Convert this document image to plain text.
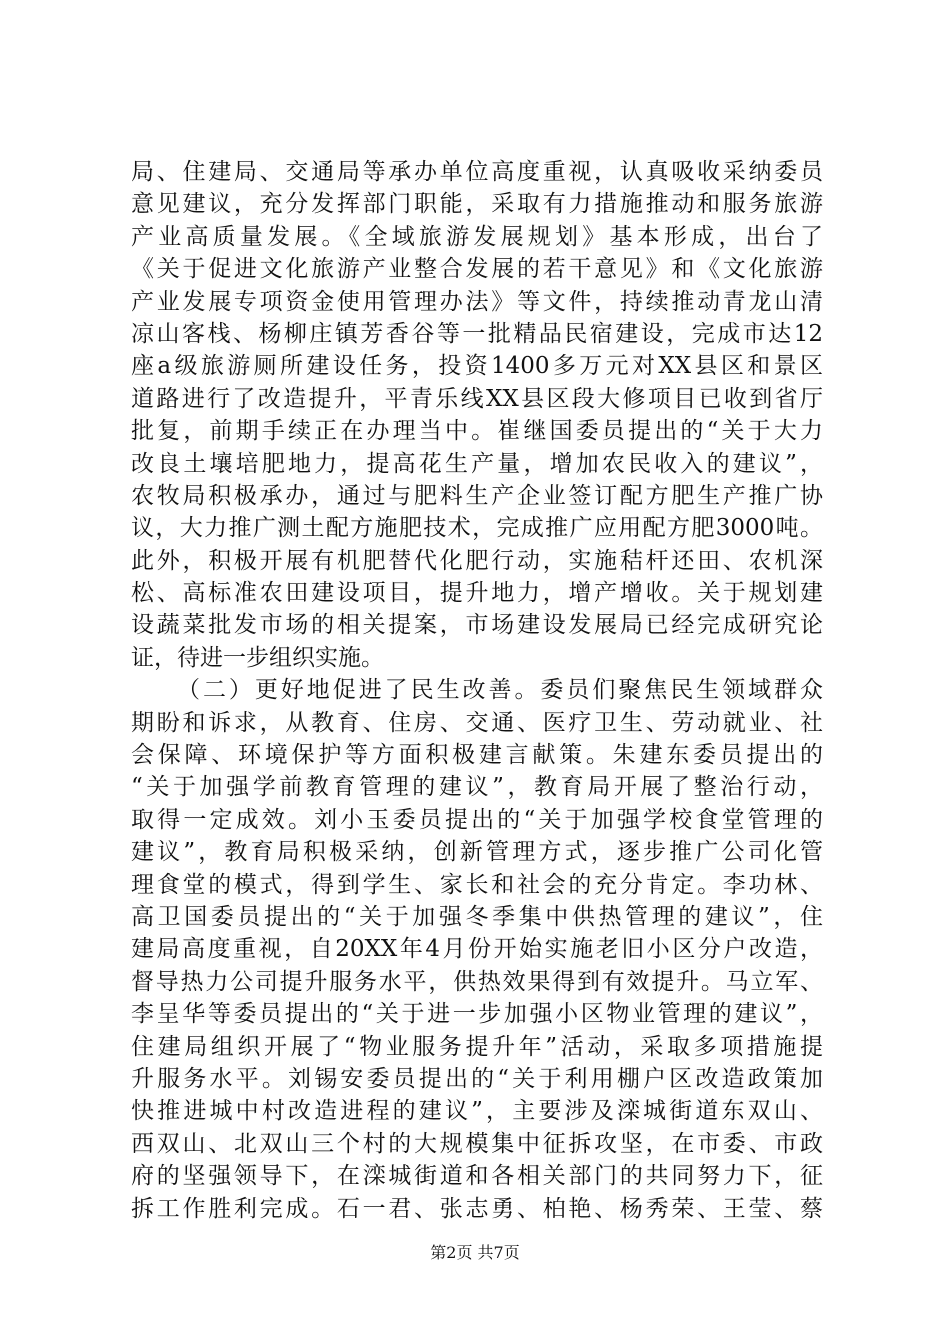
局、住建局、交通局等承办单位高度重视，认真吸收采纳委员
意见建议，充分发挥部门职能，采取有力措施推动和服务旅游
产业高质量发展。《全域旅游发展规划》基本形成，出台了
《关于促进文化旅游产业整合发展的若干意见》和《文化旅游
产业发展专项资金使用管理办法》等文件，持续推动青龙山清
凉山客栈、杨柳庄镇芳香谷等一批精品民宿建设，完成市达12
座a级旅游厕所建设任务，投资1400多万元对XX县区和景区
道路进行了改造提升，平青乐线XX县区段大修项目已收到省厅
批复，前期手续正在办理当中。崔继国委员提出的“关于大力
改良土壤培肥地力，提高花生产量，增加农民收入的建议”，
农牧局积极承办，通过与肥料生产企业签订配方肥生产推广协
议，大力推广测土配方施肥技术，完成推广应用配方肥3000吨。
此外，积极开展有机肥替代化肥行动，实施秸杆还田、农机深
松、高标准农田建设项目，提升地力，增产增收。关于规划建
设蔬菜批发市场的相关提案，市场建设发展局已经完成研究论
证，待进一步组织实施。
（二）更好地促进了民生改善。委员们聚焦民生领域群众
期盼和诉求，从教育、住房、交通、医疗卫生、劳动就业、社
会保障、环境保护等方面积极建言献策。朱建东委员提出的
“关于加强学前教育管理的建议”，教育局开展了整治行动，
取得一定成效。刘小玉委员提出的“关于加强学校食堂管理的
建议”，教育局积极采纳，创新管理方式，逐步推广公司化管
理食堂的模式，得到学生、家长和社会的充分肯定。李功林、
高卫国委员提出的“关于加强冬季集中供热管理的建议”，住
建局高度重视，自20XX年4月份开始实施老旧小区分户改造，
督导热力公司提升服务水平，供热效果得到有效提升。马立军、
李呈华等委员提出的“关于进一步加强小区物业管理的建议”，
住建局组织开展了“物业服务提升年”活动，采取多项措施提
升服务水平。刘锡安委员提出的“关于利用棚户区改造政策加
快推进城中村改造进程的建议”，主要涉及滦城街道东双山、
西双山、北双山三个村的大规模集中征拆攻坚，在市委、市政
府的坚强领导下，在滦城街道和各相关部门的共同努力下，征
拆工作胜利完成。石一君、张志勇、柏艳、杨秀荣、王莹、蔡
第2页 共7页
